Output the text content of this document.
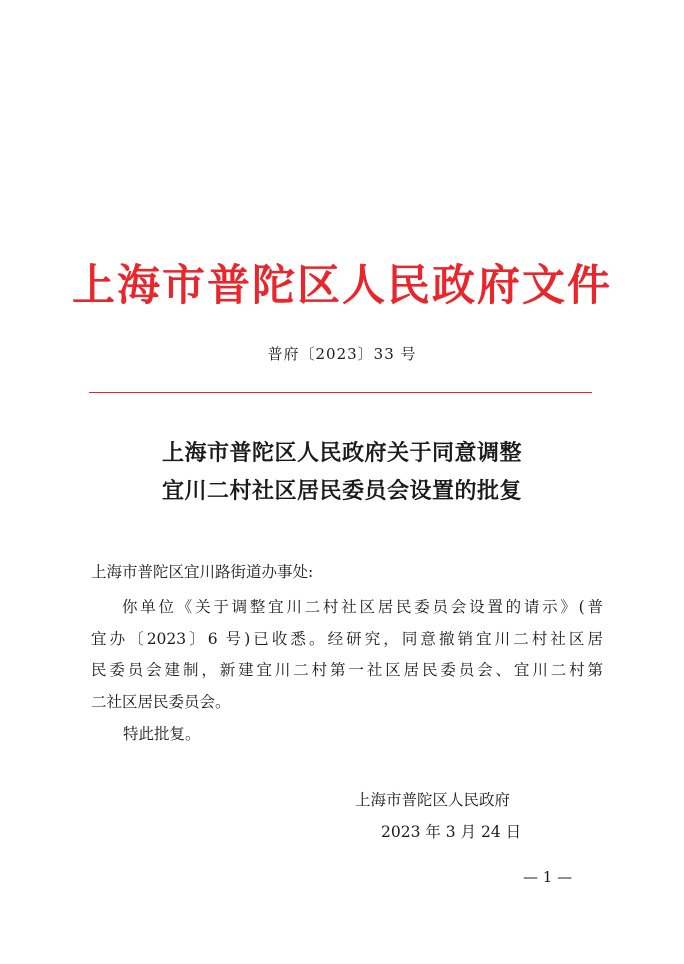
上海市普陀区人民政府文件
普府〔2023〕33 号
上海市普陀区人民政府关于同意调整
宜川二村社区居民委员会设置的批复
上海市普陀区宜川路街道办事处:
你单位《关于调整宜川二村社区居民委员会设置的请示》(普
宜办〔2023〕6 号)已收悉。经研究，同意撤销宜川二村社区居
民委员会建制，新建宜川二村第一社区居民委员会、宜川二村第
二社区居民委员会。
特此批复。
上海市普陀区人民政府
2023 年 3 月 24 日
— 1 —
